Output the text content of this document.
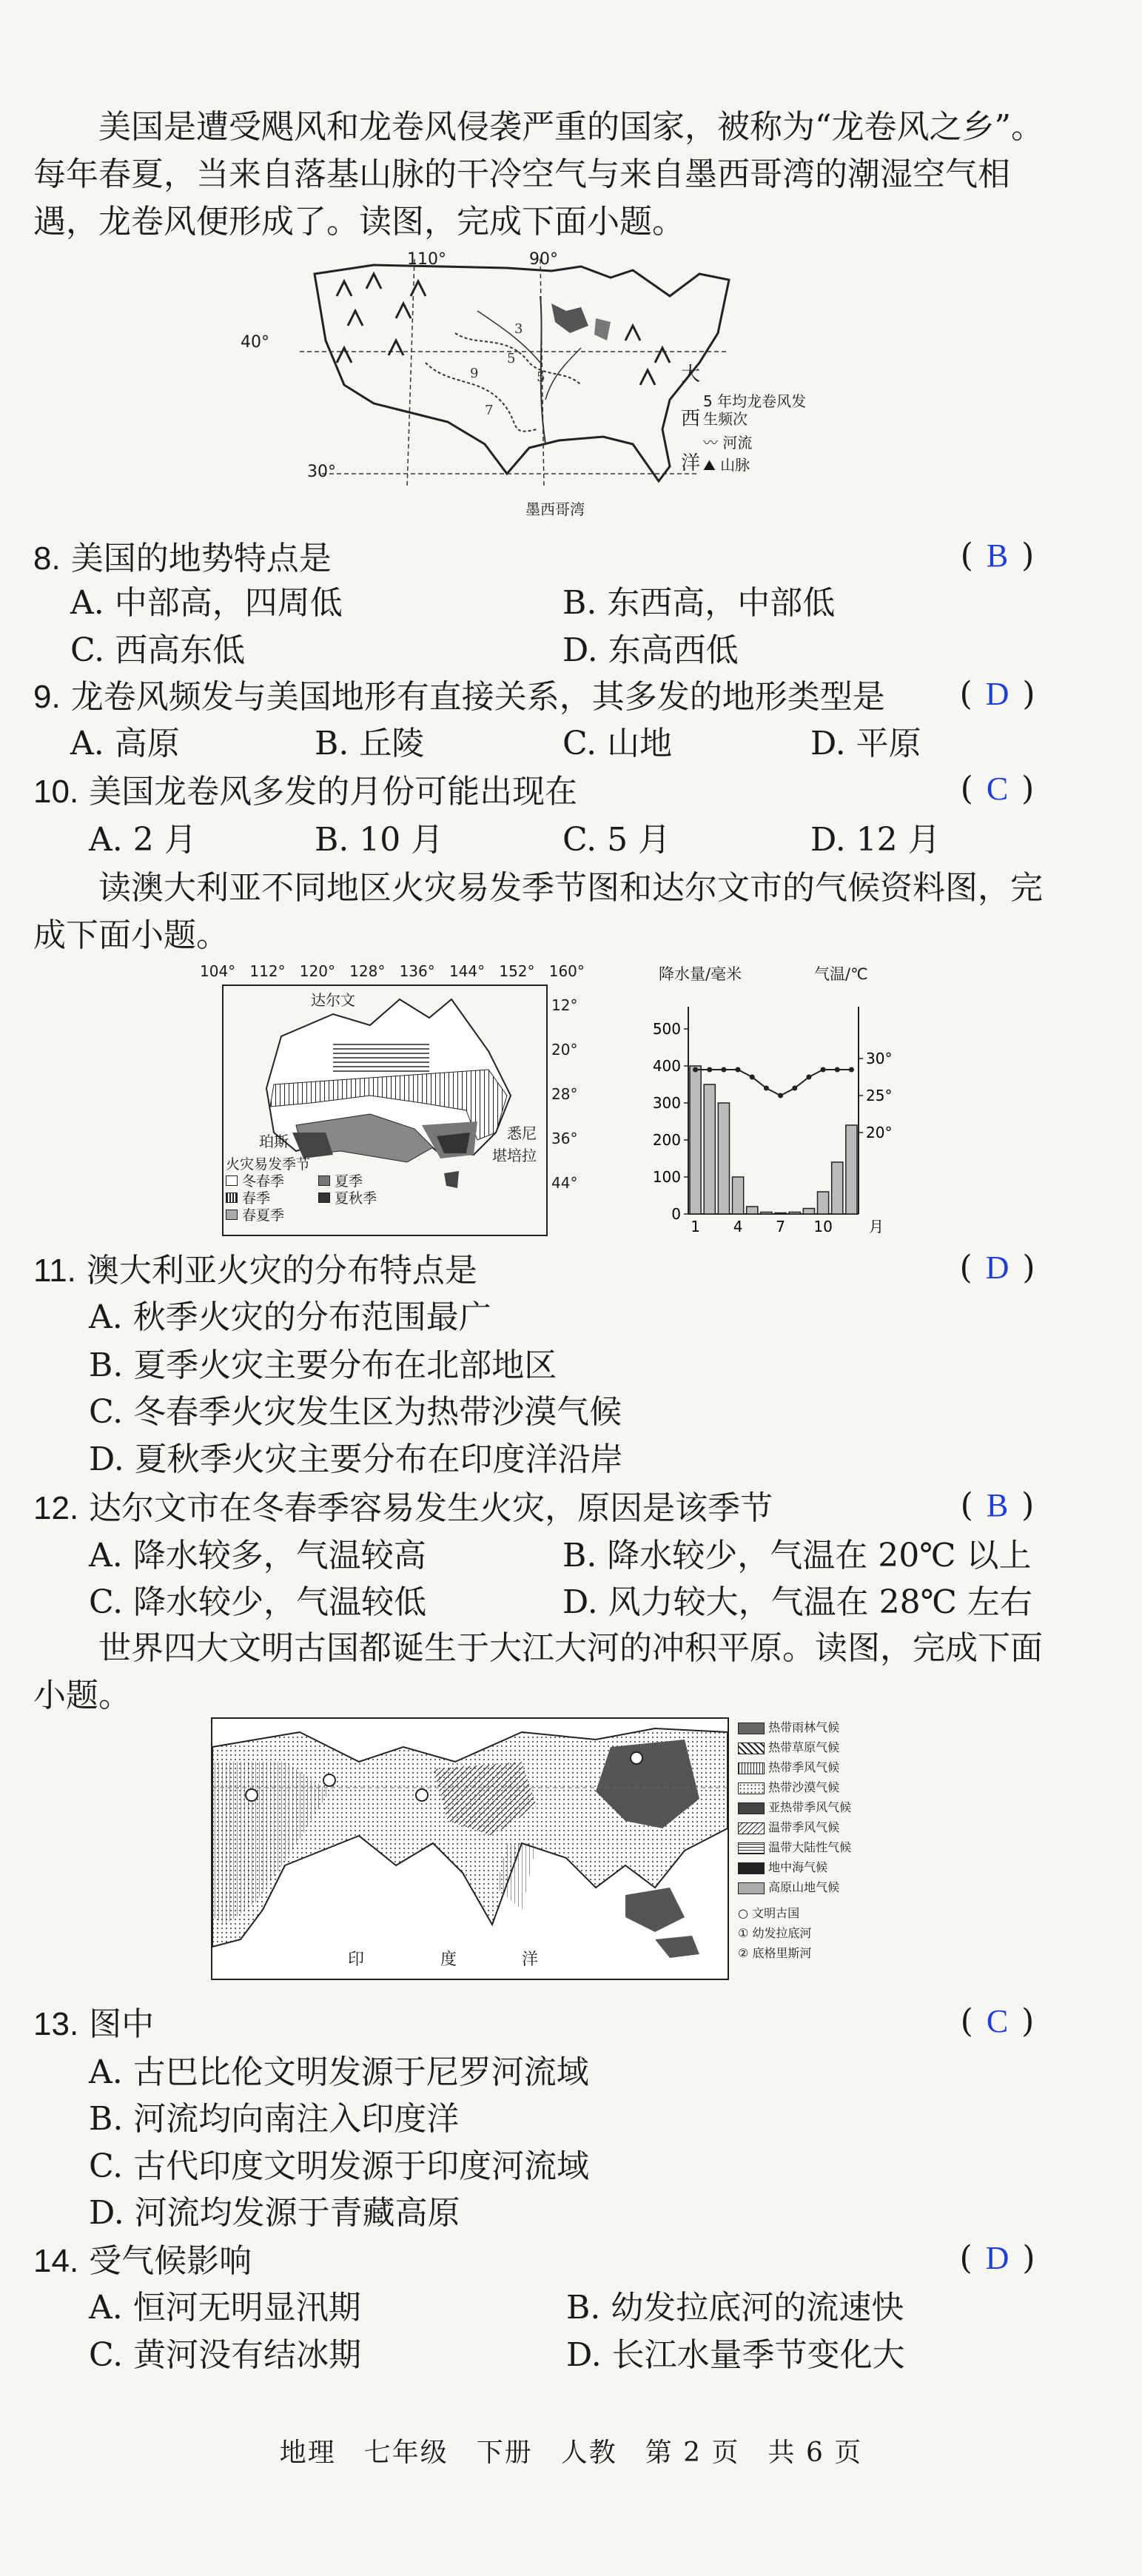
美国是遭受飓风和龙卷风侵袭严重的国家，被称为“龙卷风之乡”。每年春夏，当来自落基山脉的干冷空气与来自墨西哥湾的潮湿空气相遇，龙卷风便形成了。读图，完成下面小题。
5
7
5
9
3
110°	90°
40°
30°
大
西
洋
墨西哥湾
5 年均龙卷风发生频次
〰 河流
⛰ 山脉
8. 美国的地势特点是	( B )
A. 中部高，四周低	B. 东西高，中部低
C. 西高东低	D. 东高西低
9. 龙卷风频发与美国地形有直接关系，其多发的地形类型是	( D )
A. 高原	B. 丘陵	C. 山地	D. 平原
10. 美国龙卷风多发的月份可能出现在	( C )
A. 2 月	B. 10 月	C. 5 月	D. 12 月
读澳大利亚不同地区火灾易发季节图和达尔文市的气候资料图，完成下面小题。
104° 112° 120° 128° 136° 144° 152° 160°
12°
20°
28°
36°
44°
达尔文
珀斯	悉尼
堪培拉
火灾易发季节
冬春季	夏季
春季	夏秋季
春夏季
降水量/毫米	气温/℃
0
100
200
300
400
500
20°
25°
30°
1 4 7 10 月
11. 澳大利亚火灾的分布特点是	( D )
A. 秋季火灾的分布范围最广
B. 夏季火灾主要分布在北部地区
C. 冬春季火灾发生区为热带沙漠气候
D. 夏秋季火灾主要分布在印度洋沿岸
12. 达尔文市在冬春季容易发生火灾，原因是该季节	( B )
A. 降水较多，气温较高	B. 降水较少，气温在 20℃ 以上
C. 降水较少，气温较低	D. 风力较大，气温在 28℃ 左右
世界四大文明古国都诞生于大江大河的冲积平原。读图，完成下面小题。
印	度	洋
热带雨林气候
热带草原气候
热带季风气候
热带沙漠气候
亚热带季风气候
温带季风气候
温带大陆性气候
地中海气候
高原山地气候
○ 文明古国
① 幼发拉底河
② 底格里斯河
13. 图中	( C )
A. 古巴比伦文明发源于尼罗河流域
B. 河流均向南注入印度洋
C. 古代印度文明发源于印度河流域
D. 河流均发源于青藏高原
14. 受气候影响	( D )
A. 恒河无明显汛期	B. 幼发拉底河的流速快
C. 黄河没有结冰期	D. 长江水量季节变化大
地理　七年级　下册　人教　第 2 页　共 6 页
